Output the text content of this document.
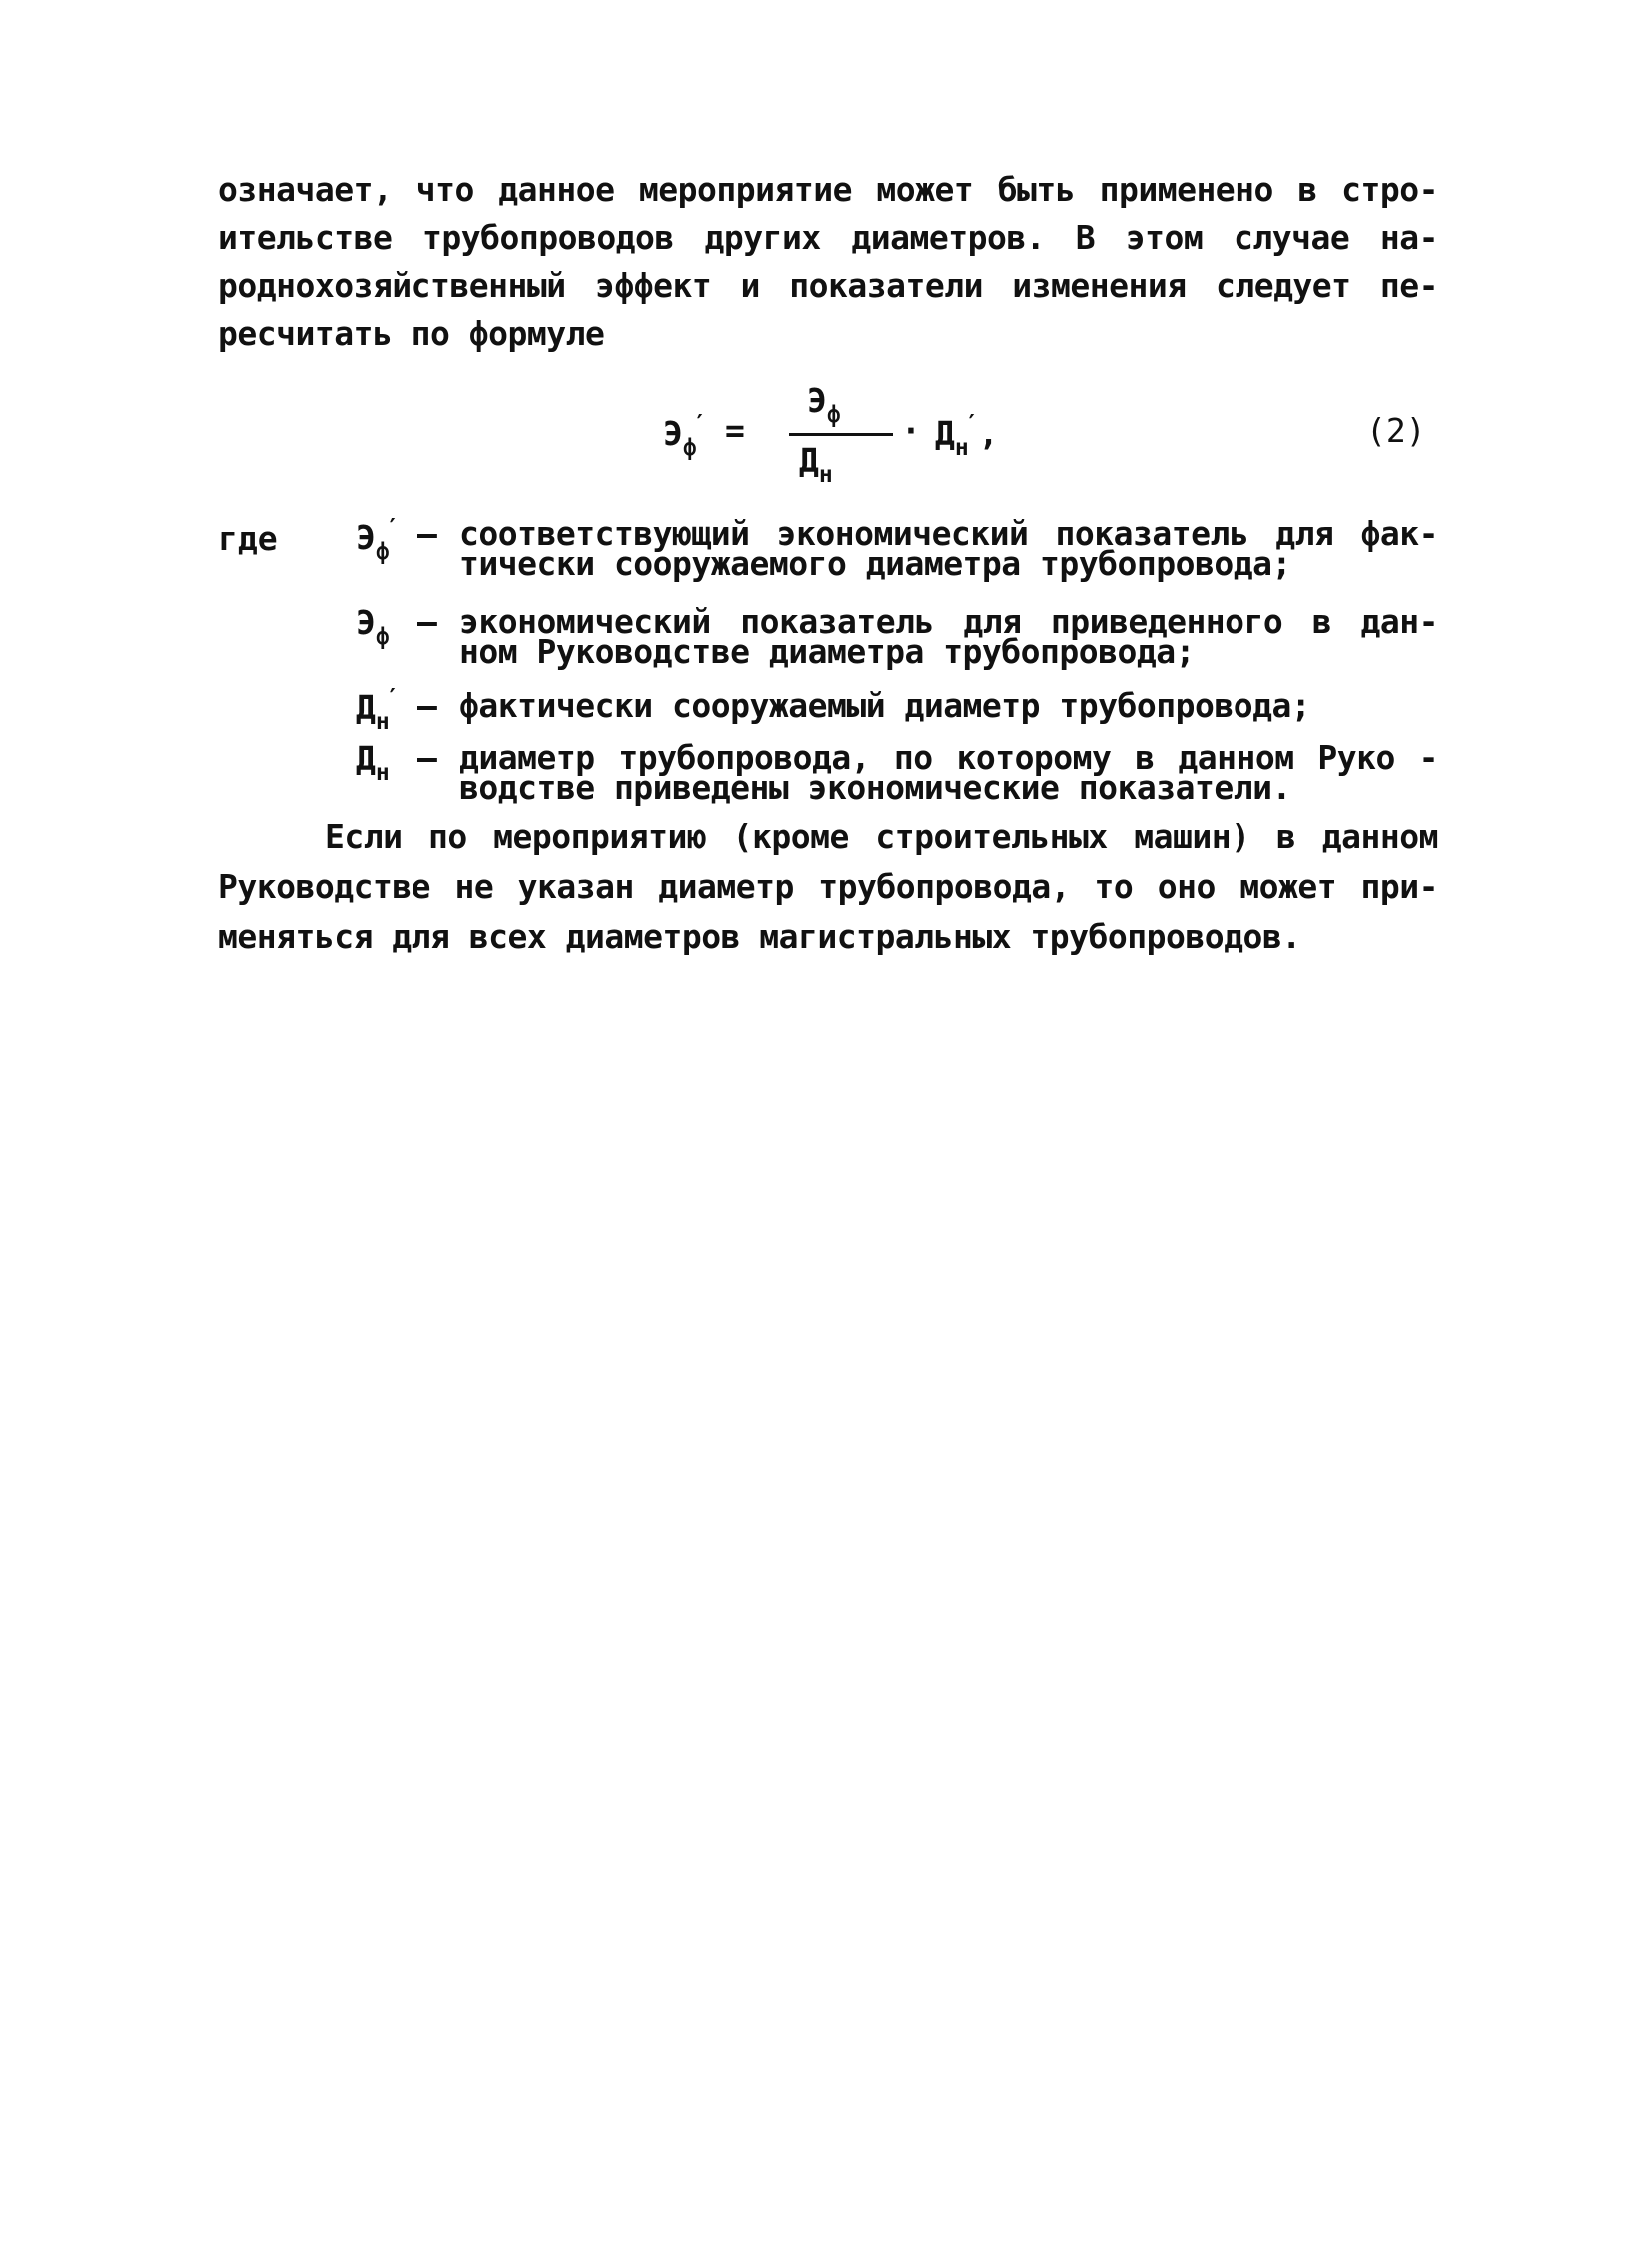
означает, что данное мероприятие может быть применено в стро-
ительстве трубопроводов других диаметров. В этом случае на-
роднохозяйственный эффект и показатели изменения следует пе-
ресчитать по формуле
$Э_ф'$ =
$Э_ф$
$Д_н$
· $Д_н'$,	(2)
где $Э_ф'$ – соответствующий экономический показатель для фак-
тически сооружаемого диаметра трубопровода;
$Э_ф$ – экономический показатель для приведенного в дан-
ном Руководстве диаметра трубопровода;
$Д_н'$ – фактически сооружаемый диаметр трубопровода;
$Д_н$ – диаметр трубопровода, по которому в данном Руко -
водстве приведены экономические показатели.
Если по мероприятию (кроме строительных машин) в данном
Руководстве не указан диаметр трубопровода, то оно может при-
меняться для всех диаметров магистральных трубопроводов.
